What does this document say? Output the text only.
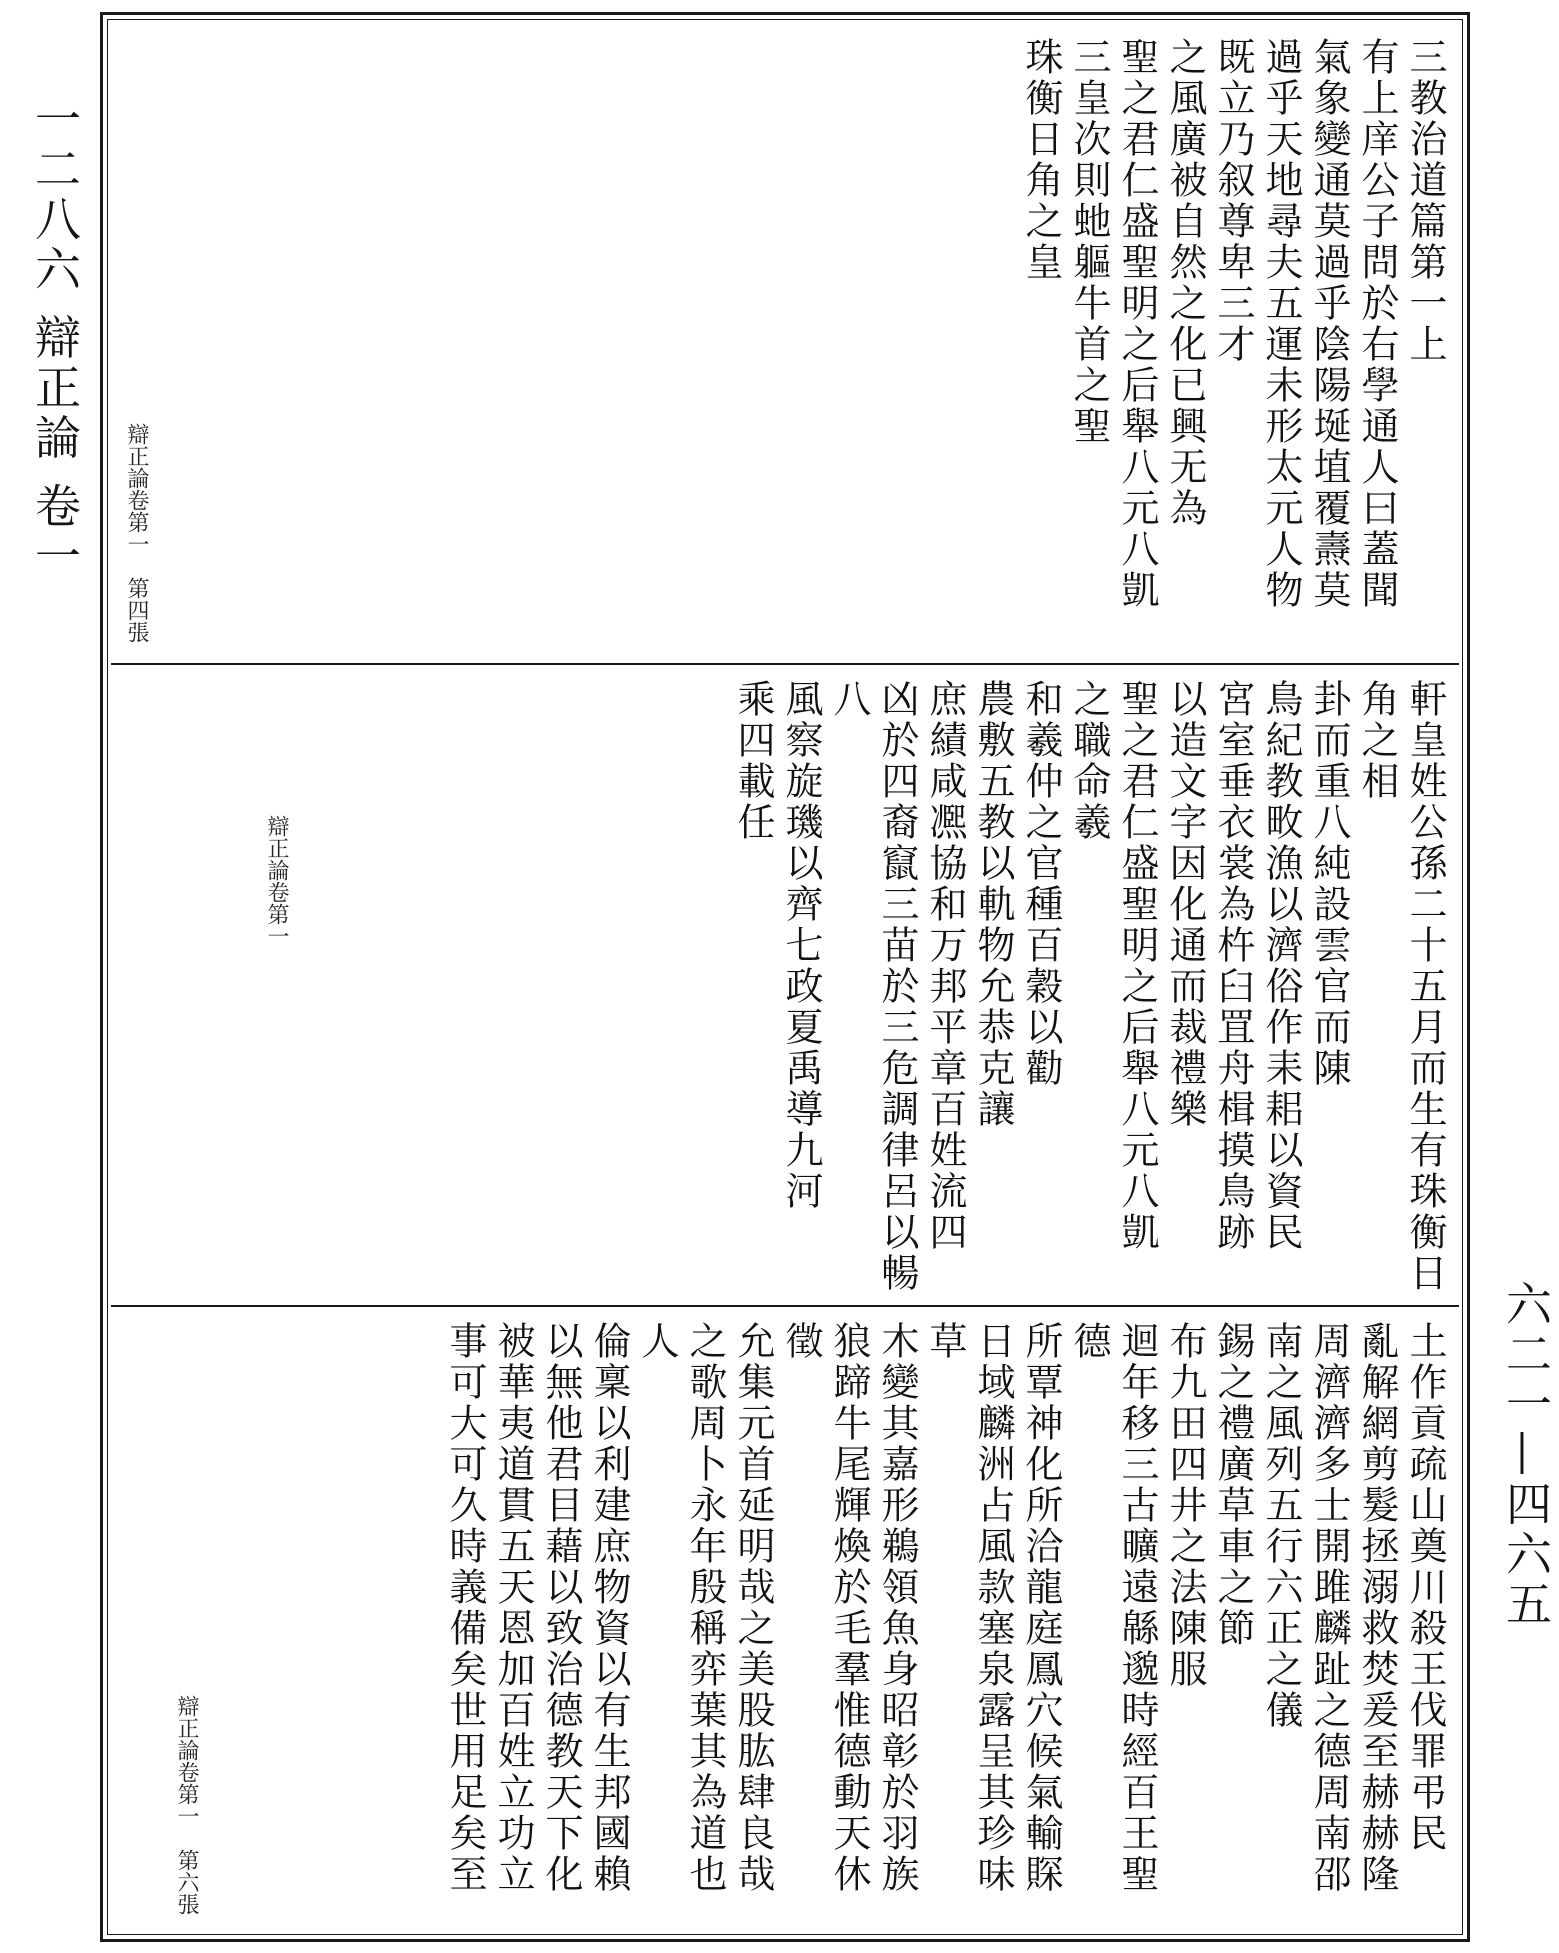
一二八六 辯正論 卷一
六二一—四六五
三教治道篇第一上
有上庠公子問於右學通人曰蓋聞
氣象變通莫過乎陰陽埏埴覆燾莫
過乎天地尋夫五運未形太元人物
既立乃叙尊卑三才
之風廣被自然之化已興无為
聖之君仁盛聖明之后舉八元八凱
三皇次則虵軀牛首之聖
珠衡日角之皇
辯正論卷第一　第四張
軒皇姓公孫二十五月而生有珠衡日角之相
卦而重八純設雲官而陳
鳥紀教畋漁以濟俗作耒耜以資民
宮室垂衣裳為杵臼罝舟楫摸鳥跡
以造文字因化通而裁禮樂
聖之君仁盛聖明之后舉八元八凱
之職命羲
和羲仲之官種百穀以勸
農敷五教以軌物允恭克讓
庶績咸凞協和万邦平章百姓流四
凶於四裔竄三苗於三危調律呂以暢八
風察旋璣以齊七政夏禹導九河
乘四載任
辯正論卷第一
土作貢疏山奠川殺王伐罪弔民
亂解網剪髮拯溺救焚爰至赫赫隆
周濟濟多士開雎麟趾之德周南邵
南之風列五行六正之儀
錫之禮廣草車之節
布九田四井之法陳服
迴年移三古曠遠緜邈時經百王聖德
所覃神化所洽龍庭鳳穴候氣輸賝
日域麟洲占風款塞泉露呈其珍味草
木變其嘉形鵜領魚身昭彰於羽族
狼蹄牛尾輝煥於毛羣惟德動天休徵
允集元首延明哉之美股肱肆良哉
之歌周卜永年殷稱弈葉其為道也人
倫稟以利建庶物資以有生邦國賴
以無他君目藉以致治德教天下化
被華夷道貫五天恩加百姓立功立
事可大可久時義備矣世用足矣至
辯正論卷第一　第六張
